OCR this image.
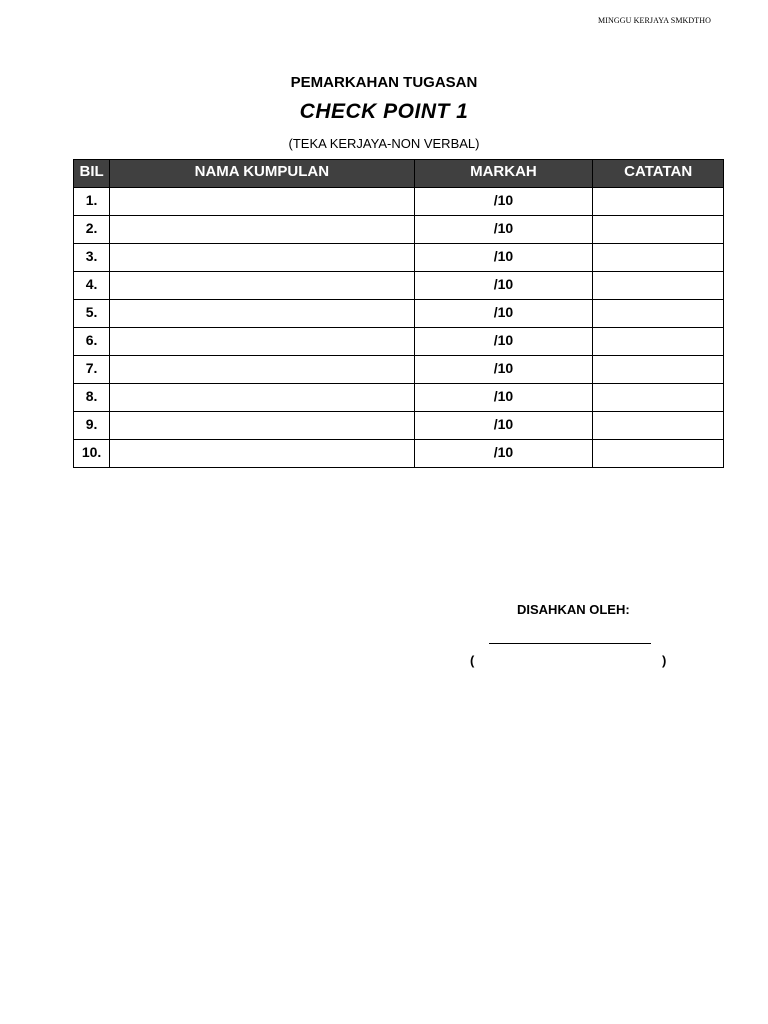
MINGGU KERJAYA SMKDTHO
PEMARKAHAN TUGASAN
CHECK POINT 1
(TEKA KERJAYA-NON VERBAL)
BIL	NAMA KUMPULAN	MARKAH	CATATAN
1.		/10	
2.		/10	
3.		/10	
4.		/10	
5.		/10	
6.		/10	
7.		/10	
8.		/10	
9.		/10	
10.		/10	
DISAHKAN OLEH:
(	)
